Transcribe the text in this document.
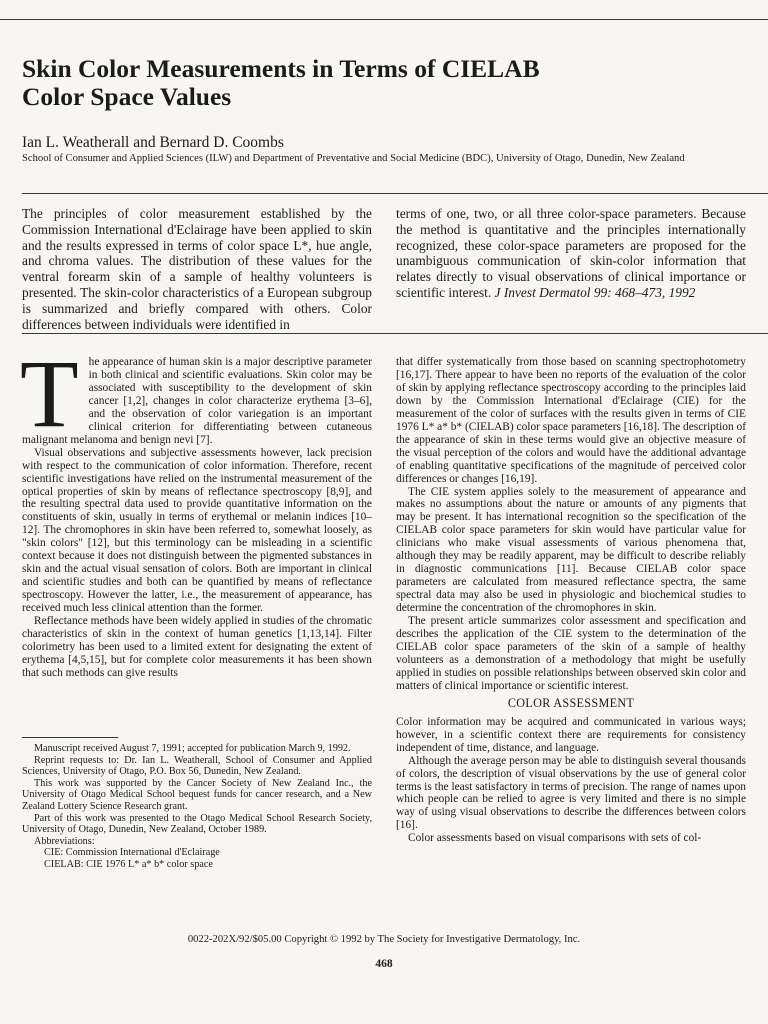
Skin Color Measurements in Terms of CIELAB Color Space Values
Ian L. Weatherall and Bernard D. Coombs
School of Consumer and Applied Sciences (ILW) and Department of Preventative and Social Medicine (BDC), University of Otago, Dunedin, New Zealand
The principles of color measurement established by the Commission International d'Eclairage have been applied to skin and the results expressed in terms of color space L*, hue angle, and chroma values. The distribution of these values for the ventral forearm skin of a sample of healthy volunteers is presented. The skin-color characteristics of a European subgroup is summarized and briefly compared with others. Color differences between individuals were identified in
terms of one, two, or all three color-space parameters. Because the method is quantitative and the principles internationally recognized, these color-space parameters are proposed for the unambiguous communication of skin-color information that relates directly to visual observations of clinical importance or scientific interest. J Invest Dermatol 99: 468–473, 1992

The appearance of human skin is a major descriptive parameter in both clinical and scientific evaluations. Skin color may be associated with susceptibility to the development of skin cancer [1,2], changes in color characterize erythema [3–6], and the observation of color variegation is an important clinical criterion for differentiating between cutaneous malignant melanoma and benign nevi [7].

Visual observations and subjective assessments however, lack precision with respect to the communication of color information. Therefore, recent scientific investigations have relied on the instrumental measurement of the optical properties of skin by means of reflectance spectroscopy [8,9], and the resulting spectral data used to provide quantitative information on the constituents of skin, usually in terms of erythemal or melanin indices [10–12]. The chromophores in skin have been referred to, somewhat loosely, as "skin colors" [12], but this terminology can be misleading in a scientific context because it does not distinguish between the pigmented substances in skin and the actual visual sensation of colors. Both are important in clinical and scientific studies and both can be quantified by means of reflectance spectroscopy. However the latter, i.e., the measurement of appearance, has received much less clinical attention than the former.

Reflectance methods have been widely applied in studies of the chromatic characteristics of skin in the context of human genetics [1,13,14]. Filter colorimetry has been used to a limited extent for designating the extent of erythema [4,5,15], but for complete color measurements it has been shown that such methods can give results

Manuscript received August 7, 1991; accepted for publication March 9, 1992.

Reprint requests to: Dr. Ian L. Weatherall, School of Consumer and Applied Sciences, University of Otago, P.O. Box 56, Dunedin, New Zealand.

This work was supported by the Cancer Society of New Zealand Inc., the University of Otago Medical School bequest funds for cancer research, and a New Zealand Lottery Science Research grant.

Part of this work was presented to the Otago Medical School Research Society, University of Otago, Dunedin, New Zealand, October 1989.

Abbreviations:

CIE: Commission International d'Eclairage

CIELAB: CIE 1976 L* a* b* color space

that differ systematically from those based on scanning spectrophotometry [16,17]. There appear to have been no reports of the evaluation of the color of skin by applying reflectance spectroscopy according to the principles laid down by the Commission International d'Eclairage (CIE) for the measurement of the color of surfaces with the results given in terms of CIE 1976 L* a* b* (CIELAB) color space parameters [16,18]. The description of the appearance of skin in these terms would give an objective measure of the visual perception of the colors and would have the additional advantage of enabling quantitative specifications of the magnitude of perceived color differences or changes [16,19].

The CIE system applies solely to the measurement of appearance and makes no assumptions about the nature or amounts of any pigments that may be present. It has international recognition so the specification of the CIELAB color space parameters for skin would have particular value for clinicians who make visual assessments of various phenomena that, although they may be readily apparent, may be difficult to describe reliably in diagnostic communications [11]. Because CIELAB color space parameters are calculated from measured reflectance spectra, the same spectral data may also be used in physiologic and biochemical studies to determine the concentration of the chromophores in skin.

The present article summarizes color assessment and specification and describes the application of the CIE system to the determination of the CIELAB color space parameters of the skin of a sample of healthy volunteers as a demonstration of a methodology that might be usefully applied in studies on possible relationships between observed skin color and matters of clinical importance or scientific interest.

COLOR ASSESSMENT

Color information may be acquired and communicated in various ways; however, in a scientific context there are requirements for consistency independent of time, distance, and language.

Although the average person may be able to distinguish several thousands of colors, the description of visual observations by the use of general color terms is the least satisfactory in terms of precision. The range of names upon which people can be relied to agree is very limited and there is no simple way of using visual observations to describe the differences between colors [16].

Color assessments based on visual comparisons with sets of col-

0022-202X/92/$05.00 Copyright © 1992 by The Society for Investigative Dermatology, Inc.
468
